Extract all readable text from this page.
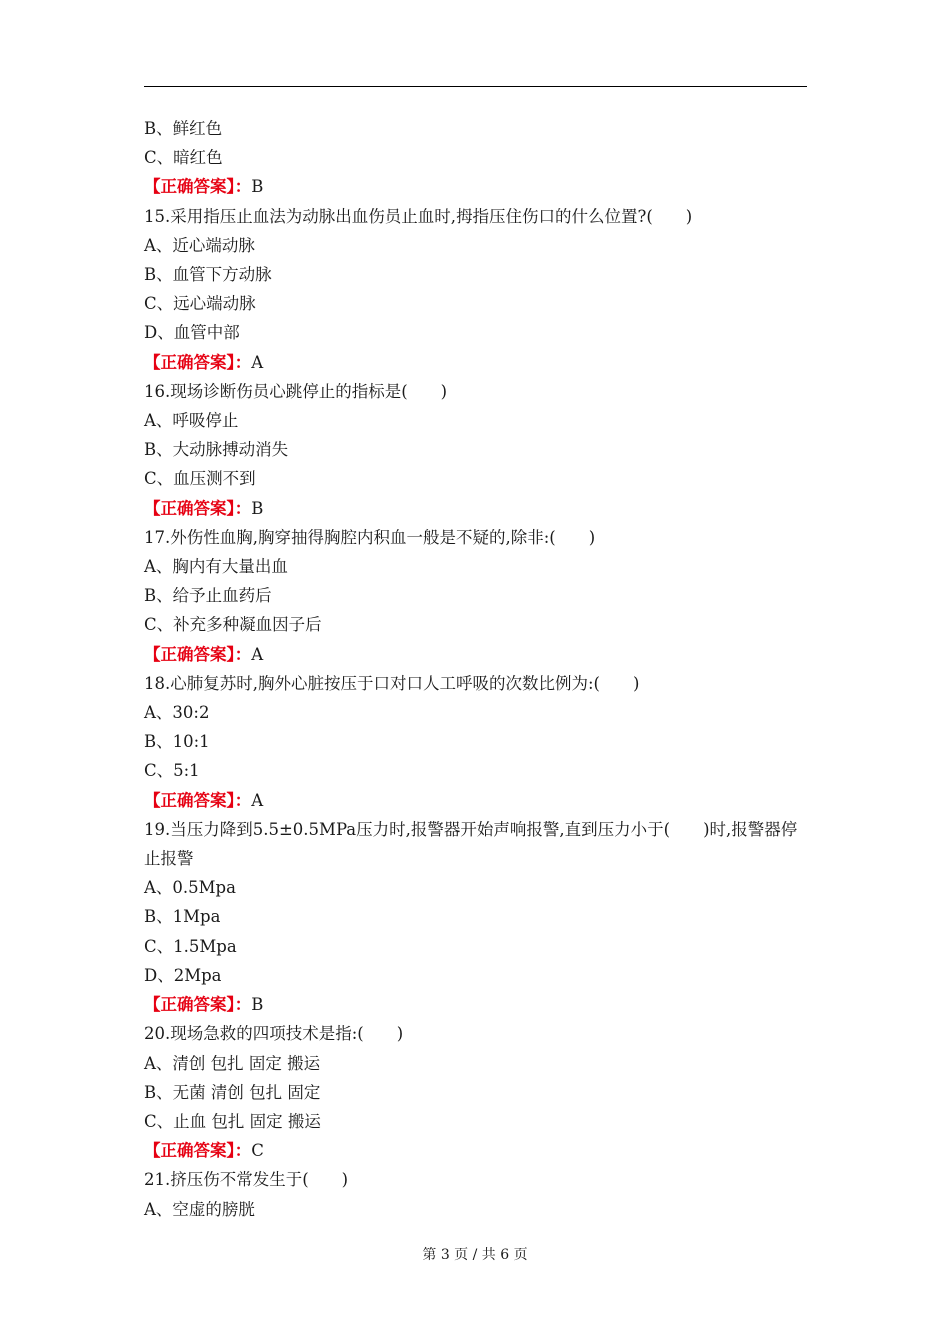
B、鲜红色
C、暗红色
【正确答案】：B
15.采用指压止血法为动脉出血伤员止血时,拇指压住伤口的什么位置?(　　)
A、近心端动脉
B、血管下方动脉
C、远心端动脉
D、血管中部
【正确答案】：A
16.现场诊断伤员心跳停止的指标是(　　)
A、呼吸停止
B、大动脉搏动消失
C、血压测不到
【正确答案】：B
17.外伤性血胸,胸穿抽得胸腔内积血一般是不疑的,除非:(　　)
A、胸内有大量出血
B、给予止血药后
C、补充多种凝血因子后
【正确答案】：A
18.心肺复苏时,胸外心脏按压于口对口人工呼吸的次数比例为:(　　)
A、30:2
B、10:1
C、5:1
【正确答案】：A
19.当压力降到5.5±0.5MPa压力时,报警器开始声响报警,直到压力小于(　　)时,报警器停止报警
A、0.5Mpa
B、1Mpa
C、1.5Mpa
D、2Mpa
【正确答案】：B
20.现场急救的四项技术是指:(　　)
A、清创 包扎 固定 搬运
B、无菌 清创 包扎 固定
C、止血 包扎 固定 搬运
【正确答案】：C
21.挤压伤不常发生于(　　)
A、空虚的膀胱
第 3 页 / 共 6 页
